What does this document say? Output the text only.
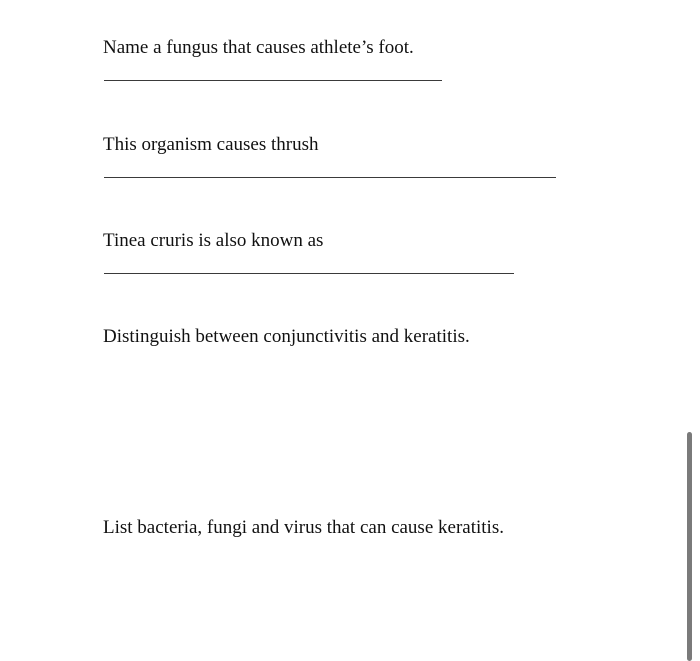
Name a fungus that causes athlete’s foot.
This organism causes thrush
Tinea cruris is also known as
Distinguish between conjunctivitis and keratitis.
List bacteria, fungi and virus that can cause keratitis.
